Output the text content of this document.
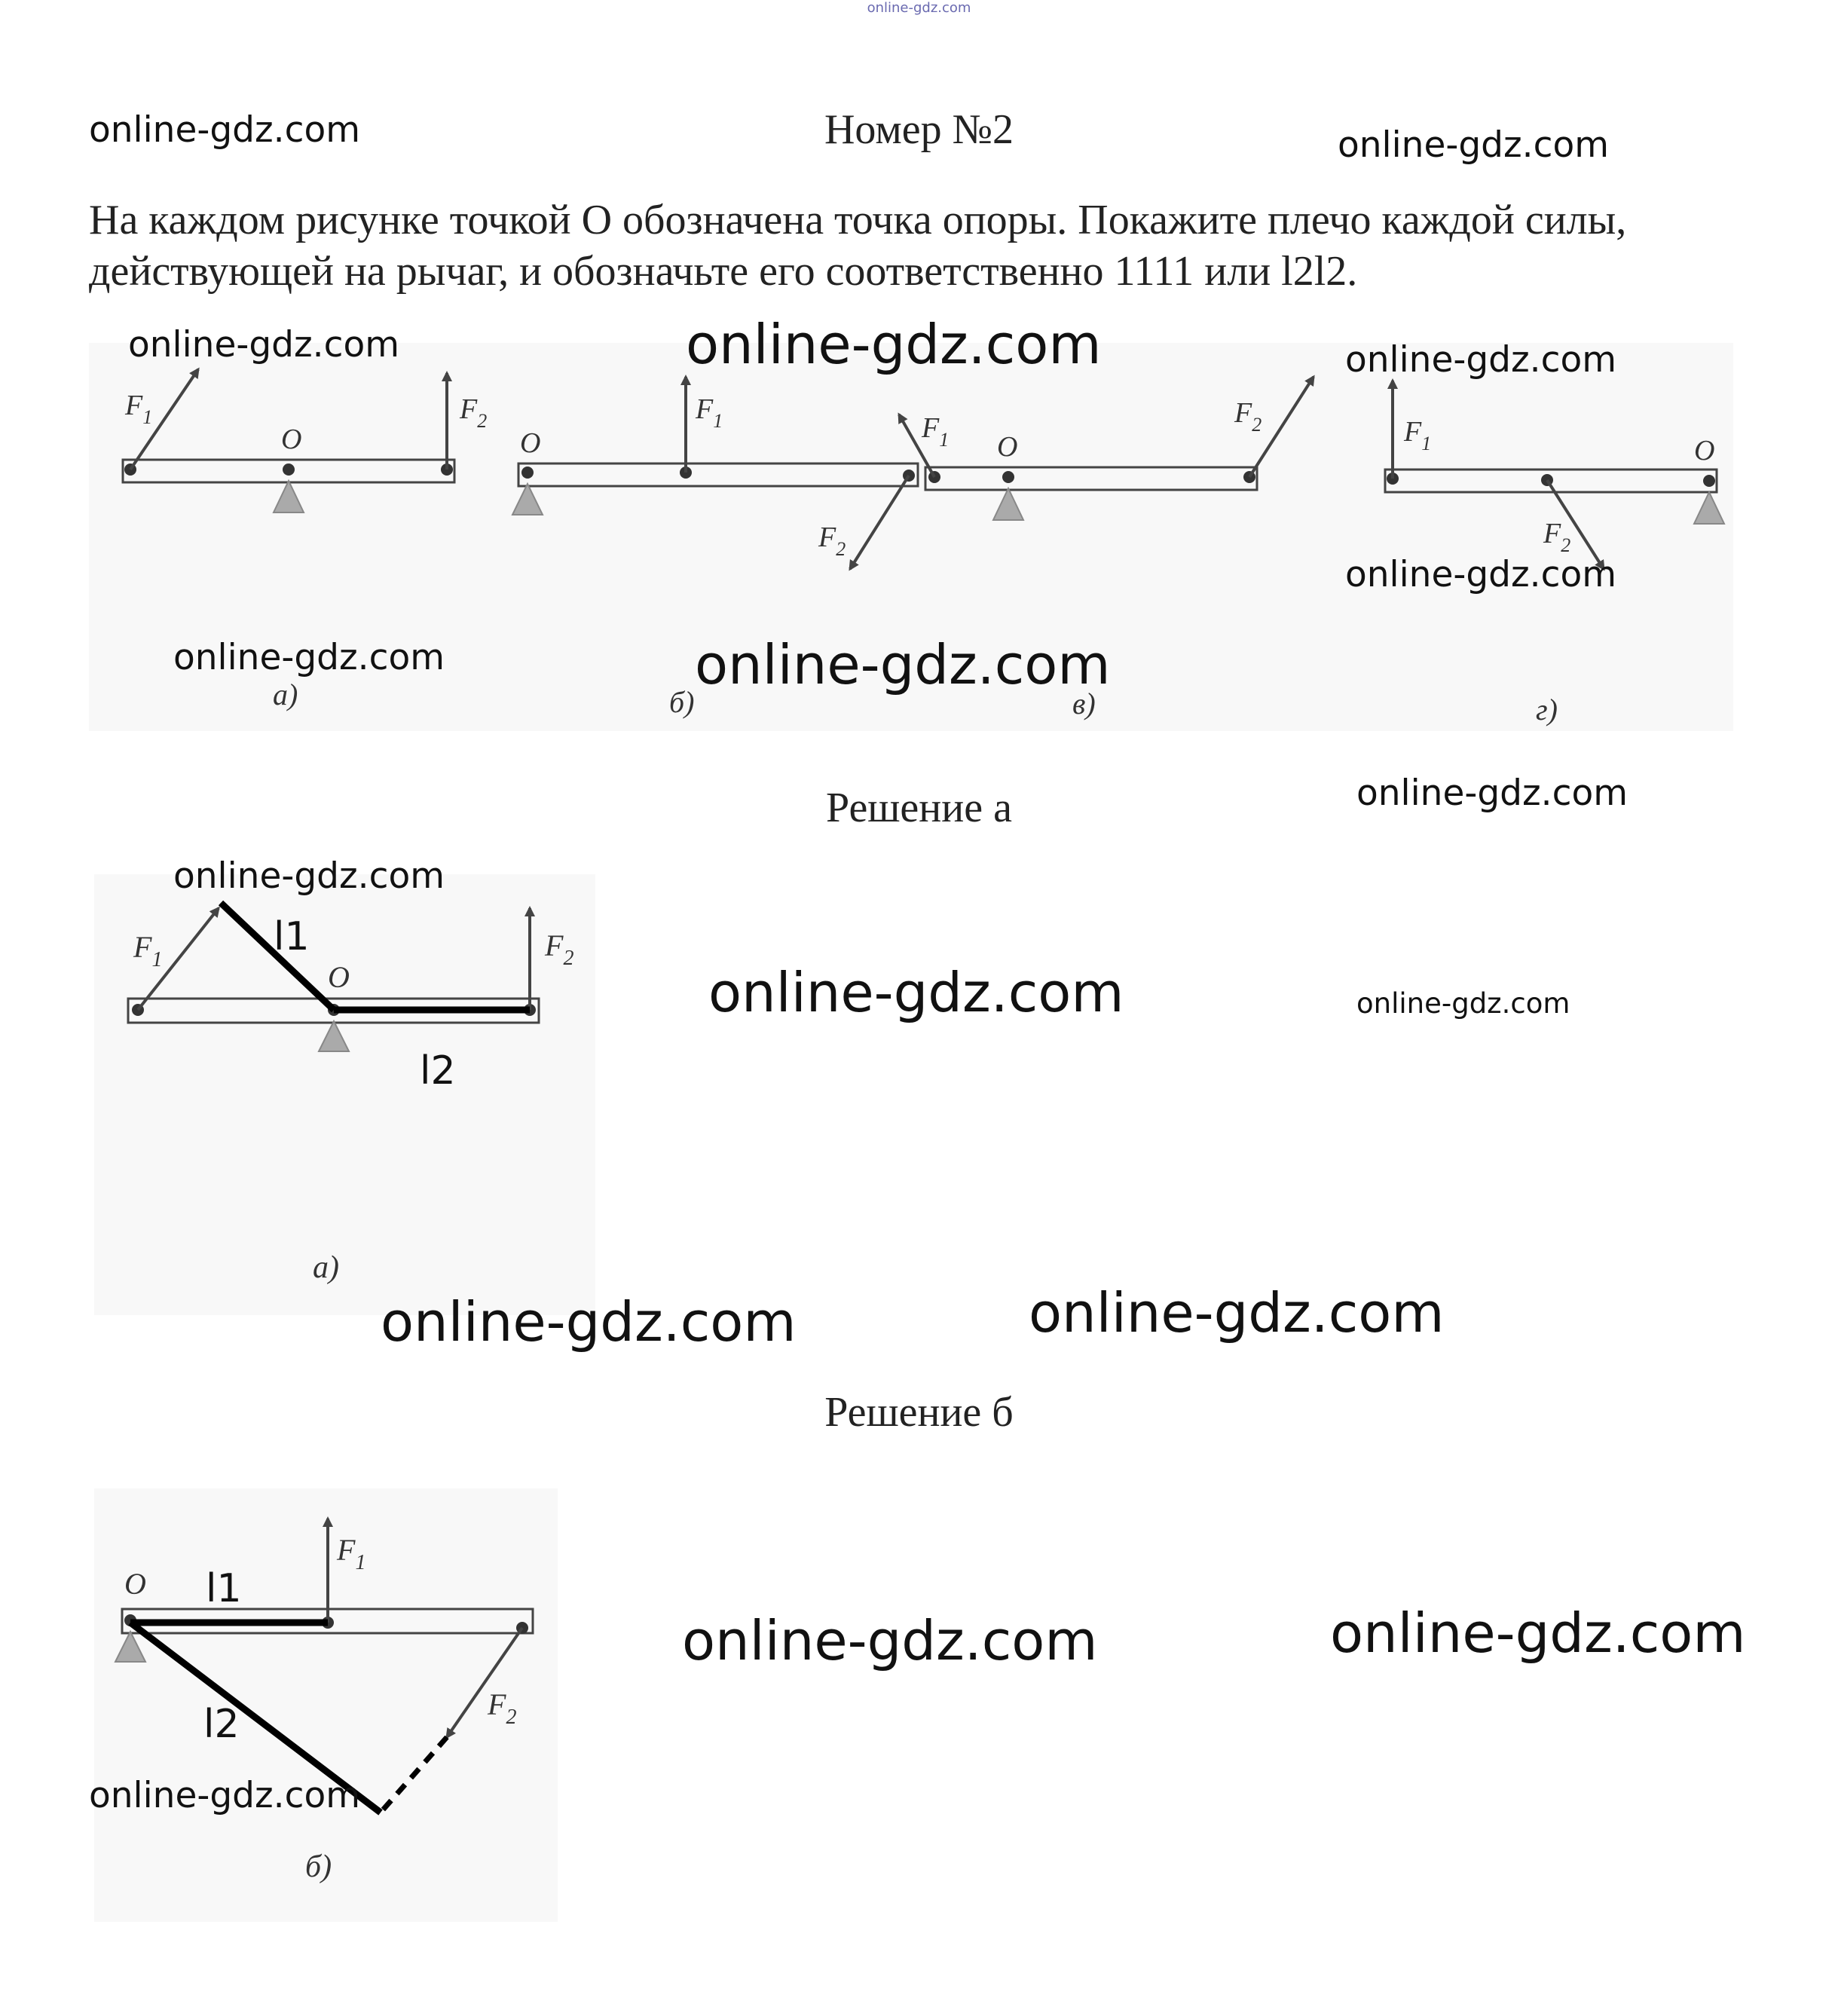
online-gdz.com
Номер №2
На каждом рисунке точкой О обозначена точка опоры. Покажите плечо каждой силы, действующей на рычаг, и обозначьте его соответственно 1111 или l2l2.
$F_1$	$F_2$
O
а)
O
$F_1$
$F_2$
б)
$F_1$ O
$F_2$
в)
$F_1$	O
$F_2$
г)
Решение а
$F_1$	$F_2$
O
l1
l2
а)
Решение б
O
$F_1$
$F_2$
l1
l2
б)
online-gdz.com	online-gdz.com
online-gdz.com	online-gdz.com	online-gdz.com
online-gdz.com
online-gdz.com	online-gdz.com
online-gdz.com
online-gdz.com
online-gdz.com	online-gdz.com
online-gdz.com
online-gdz.com
online-gdz.com	online-gdz.com
online-gdz.com
